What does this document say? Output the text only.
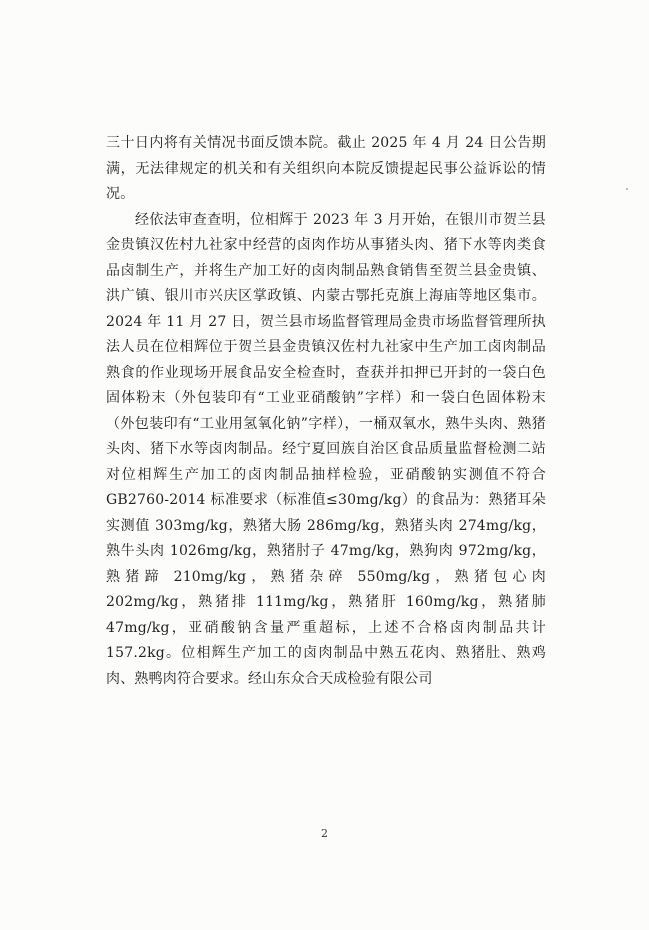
三十日内将有关情况书面反馈本院。截止 2025 年 4 月 24 日公告期满，无法律规定的机关和有关组织向本院反馈提起民事公益诉讼的情况。

经依法审查查明，位相辉于 2023 年 3 月开始，在银川市贺兰县金贵镇汉佐村九社家中经营的卤肉作坊从事猪头肉、猪下水等肉类食品卤制生产，并将生产加工好的卤肉制品熟食销售至贺兰县金贵镇、洪广镇、银川市兴庆区掌政镇、内蒙古鄂托克旗上海庙等地区集市。2024 年 11 月 27 日，贺兰县市场监督管理局金贵市场监督管理所执法人员在位相辉位于贺兰县金贵镇汉佐村九社家中生产加工卤肉制品熟食的作业现场开展食品安全检查时，查获并扣押已开封的一袋白色固体粉末（外包装印有“工业亚硝酸钠”字样）和一袋白色固体粉末（外包装印有“工业用氢氧化钠”字样），一桶双氧水，熟牛头肉、熟猪头肉、猪下水等卤肉制品。经宁夏回族自治区食品质量监督检测二站对位相辉生产加工的卤肉制品抽样检验，亚硝酸钠实测值不符合 GB2760-2014 标准要求（标准值≤30mg/kg）的食品为：熟猪耳朵实测值 303mg/kg，熟猪大肠 286mg/kg，熟猪头肉 274mg/kg，熟牛头肉 1026mg/kg，熟猪肘子 47mg/kg，熟狗肉 972mg/kg，熟猪蹄 210mg/kg，熟猪杂碎 550mg/kg，熟猪包心肉 202mg/kg，熟猪排 111mg/kg，熟猪肝 160mg/kg，熟猪肺 47mg/kg，亚硝酸钠含量严重超标，上述不合格卤肉制品共计 157.2kg。位相辉生产加工的卤肉制品中熟五花肉、熟猪肚、熟鸡肉、熟鸭肉符合要求。经山东众合天成检验有限公司

2
